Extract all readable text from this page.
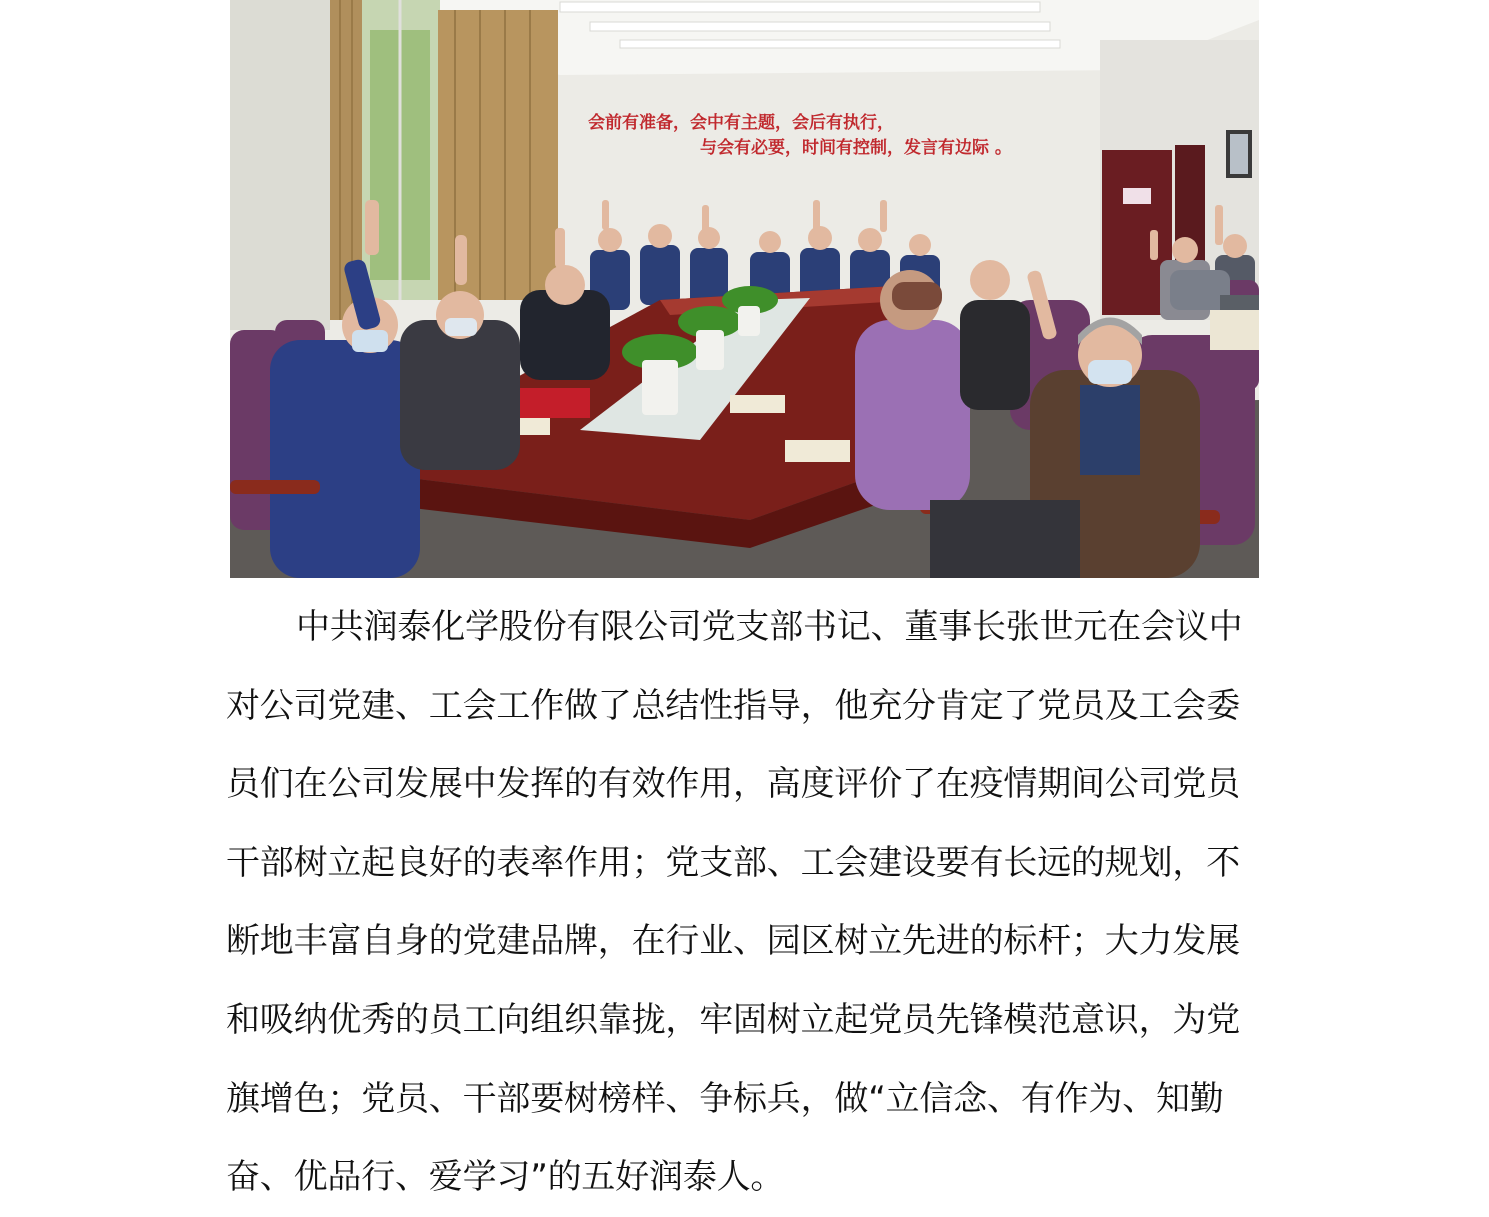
会前有准备，会中有主题，会后有执行，
与会有必要，时间有控制，发言有边际 。
中共润泰化学股份有限公司党支部书记、董事长张世元在会议中
对公司党建、工会工作做了总结性指导，他充分肯定了党员及工会委
员们在公司发展中发挥的有效作用，高度评价了在疫情期间公司党员
干部树立起良好的表率作用；党支部、工会建设要有长远的规划，不
断地丰富自身的党建品牌，在行业、园区树立先进的标杆；大力发展
和吸纳优秀的员工向组织靠拢，牢固树立起党员先锋模范意识，为党
旗增色；党员、干部要树榜样、争标兵，做“立信念、有作为、知勤
奋、优品行、爱学习”的五好润泰人。
